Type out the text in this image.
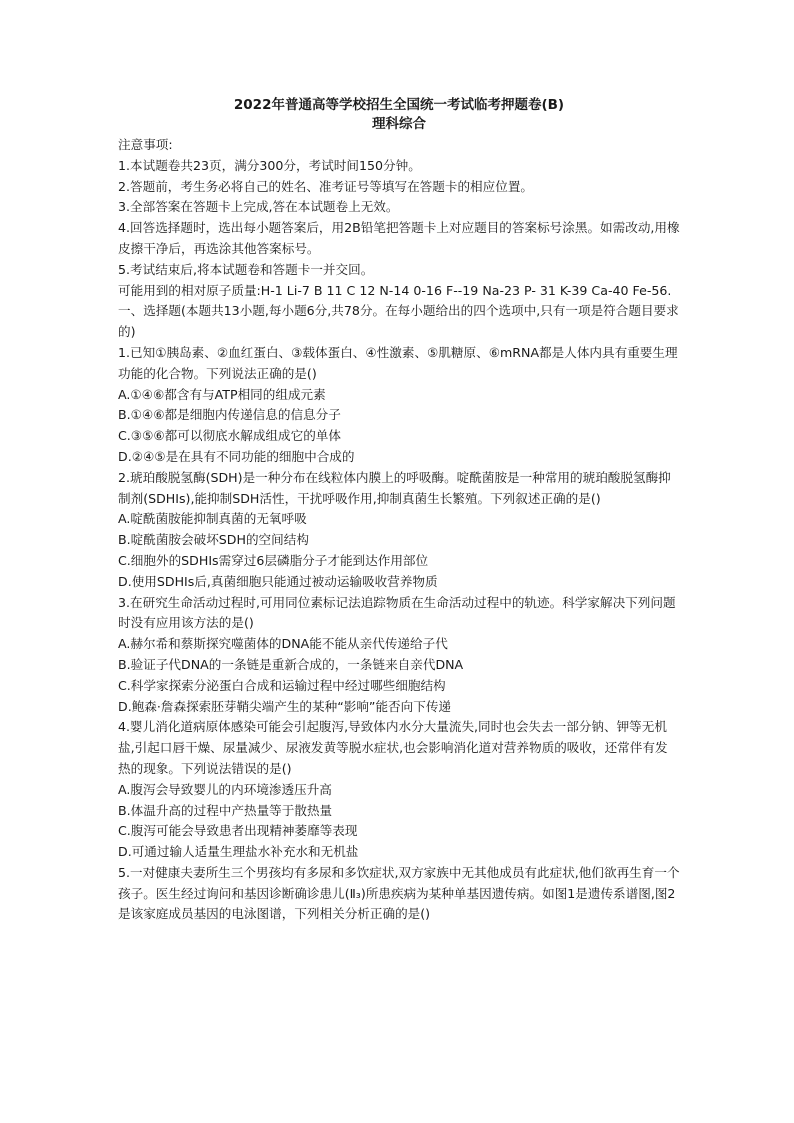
2022年普通高等学校招生全国统一考试临考押题卷(B)

理科综合

注意事项:

1.本试题卷共23页，满分300分，考试时间150分钟。

2.答题前，考生务必将自己的姓名、准考证号等填写在答题卡的相应位置。

3.全部答案在答题卡上完成,答在本试题卷上无效。

4.回答选择题时，选出每小题答案后，用2B铅笔把答题卡上对应题目的答案标号涂黑。如需改动,用橡皮擦干净后，再选涂其他答案标号。

5.考试结束后,将本试题卷和答题卡一并交回。

可能用到的相对原子质量:H-1 Li-7 B 11 C 12 N-14 0-16 F--19 Na-23 P- 31 K-39 Ca-40 Fe-56.

一、选择题(本题共13小题,每小题6分,共78分。在每小题给出的四个选项中,只有一项是符合题目要求的)

1.已知①胰岛素、②血红蛋白、③载体蛋白、④性激素、⑤肌糖原、⑥mRNA都是人体内具有重要生理功能的化合物。下列说法正确的是()

A.①④⑥都含有与ATP相同的组成元素

B.①④⑥都是细胞内传递信息的信息分子

C.③⑤⑥都可以彻底水解成组成它的单体

D.②④⑤是在具有不同功能的细胞中合成的

2.琥珀酸脱氢酶(SDH)是一种分布在线粒体内膜上的呼吸酶。啶酰菌胺是一种常用的琥珀酸脱氢酶抑制剂(SDHIs),能抑制SDH活性，干扰呼吸作用,抑制真菌生长繁殖。下列叙述正确的是()

A.啶酰菌胺能抑制真菌的无氧呼吸

B.啶酰菌胺会破坏SDH的空间结构

C.细胞外的SDHIs需穿过6层磷脂分子才能到达作用部位

D.使用SDHIs后,真菌细胞只能通过被动运输吸收营养物质

3.在研究生命活动过程时,可用同位素标记法追踪物质在生命活动过程中的轨迹。科学家解决下列问题时没有应用该方法的是()

A.赫尔希和蔡斯探究噬菌体的DNA能不能从亲代传递给子代

B.验证子代DNA的一条链是重新合成的，一条链来自亲代DNA

C.科学家探索分泌蛋白合成和运输过程中经过哪些细胞结构

D.鲍森·詹森探索胚芽鞘尖端产生的某种“影响”能否向下传递

4.婴儿消化道病原体感染可能会引起腹泻,导致体内水分大量流失,同时也会失去一部分钠、钾等无机盐,引起口唇干燥、尿量减少、尿液发黄等脱水症状,也会影响消化道对营养物质的吸收，还常伴有发热的现象。下列说法错误的是()

A.腹泻会导致婴儿的内环境渗透压升高

B.体温升高的过程中产热量等于散热量

C.腹泻可能会导致患者出现精神萎靡等表现

D.可通过输人适量生理盐水补充水和无机盐

5.一对健康夫妻所生三个男孩均有多尿和多饮症状,双方家族中无其他成员有此症状,他们欲再生育一个孩子。医生经过询问和基因诊断确诊患儿(Ⅱ₃)所患疾病为某种单基因遗传病。如图1是遗传系谱图,图2是该家庭成员基因的电泳图谱，下列相关分析正确的是()
